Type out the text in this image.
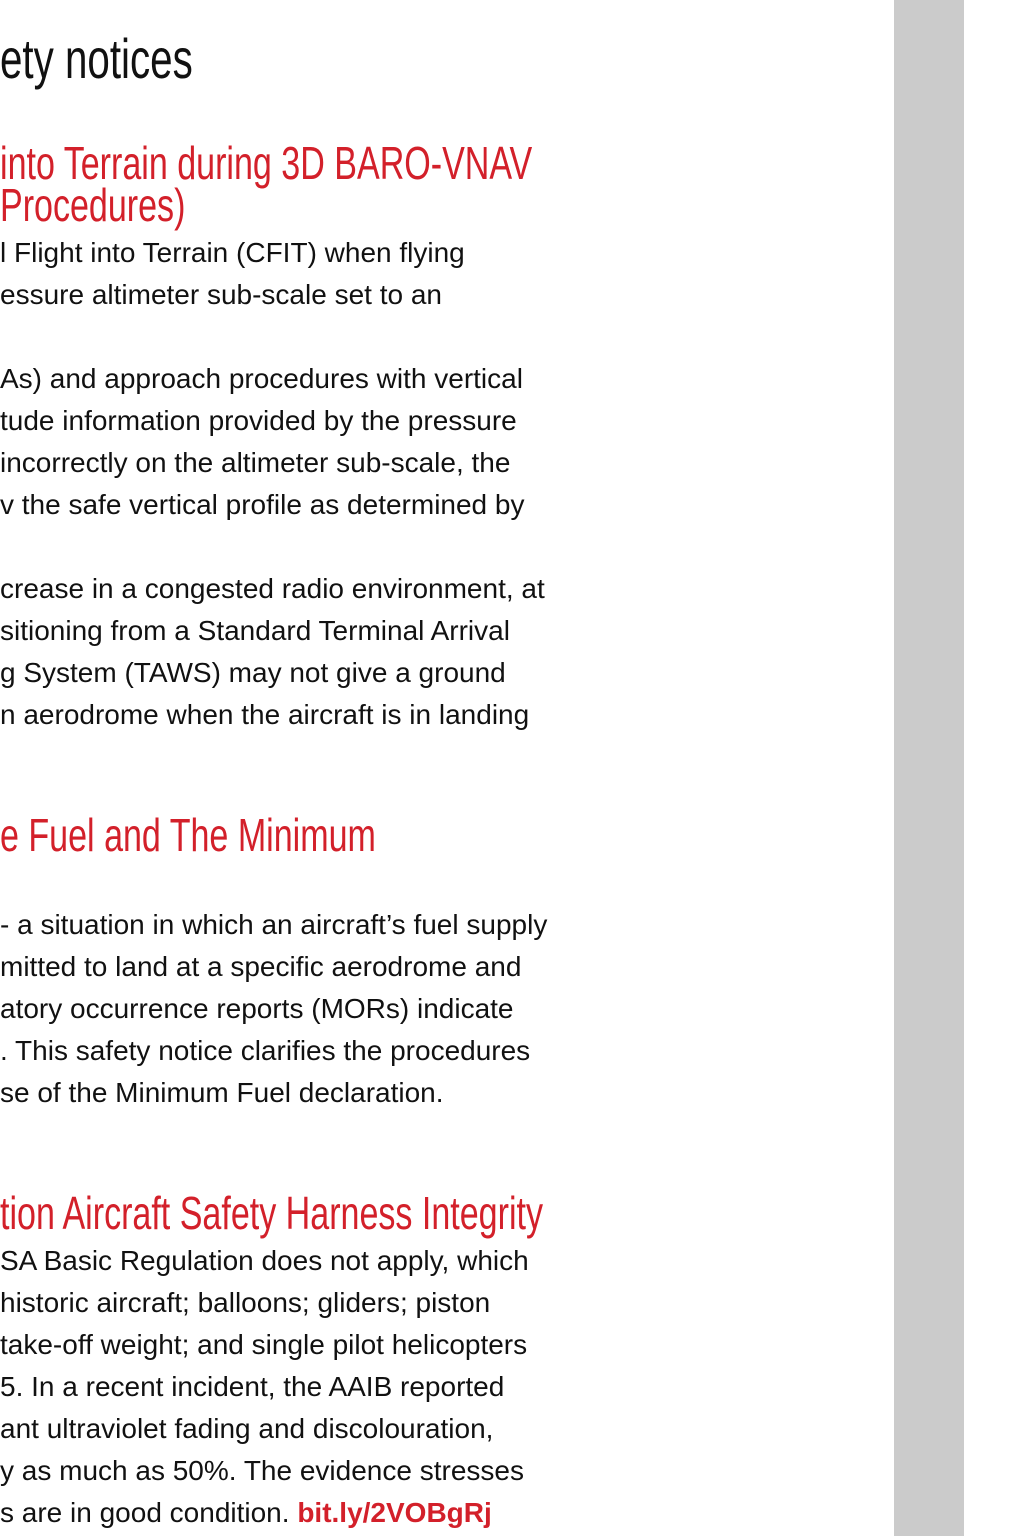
ety notices
into Terrain during 3D BARO-VNAV
Procedures)

l Flight into Terrain (CFIT) when flying

essure altimeter sub-scale set to an

As) and approach procedures with vertical

tude information provided by the pressure

incorrectly on the altimeter sub-scale, the

v the safe vertical profile as determined by

crease in a congested radio environment, at

sitioning from a Standard Terminal Arrival

g System (TAWS) may not give a ground

n aerodrome when the aircraft is in landing

e Fuel and The Minimum

- a situation in which an aircraft’s fuel supply

mitted to land at a specific aerodrome and

atory occurrence reports (MORs) indicate

. This safety notice clarifies the procedures

se of the Minimum Fuel declaration.

tion Aircraft Safety Harness Integrity

SA Basic Regulation does not apply, which

historic aircraft; balloons; gliders; piston

take-off weight; and single pilot helicopters

5. In a recent incident, the AAIB reported

ant ultraviolet fading and discolouration,

y as much as 50%. The evidence stresses

s are in good condition. bit.ly/2VOBgRj
